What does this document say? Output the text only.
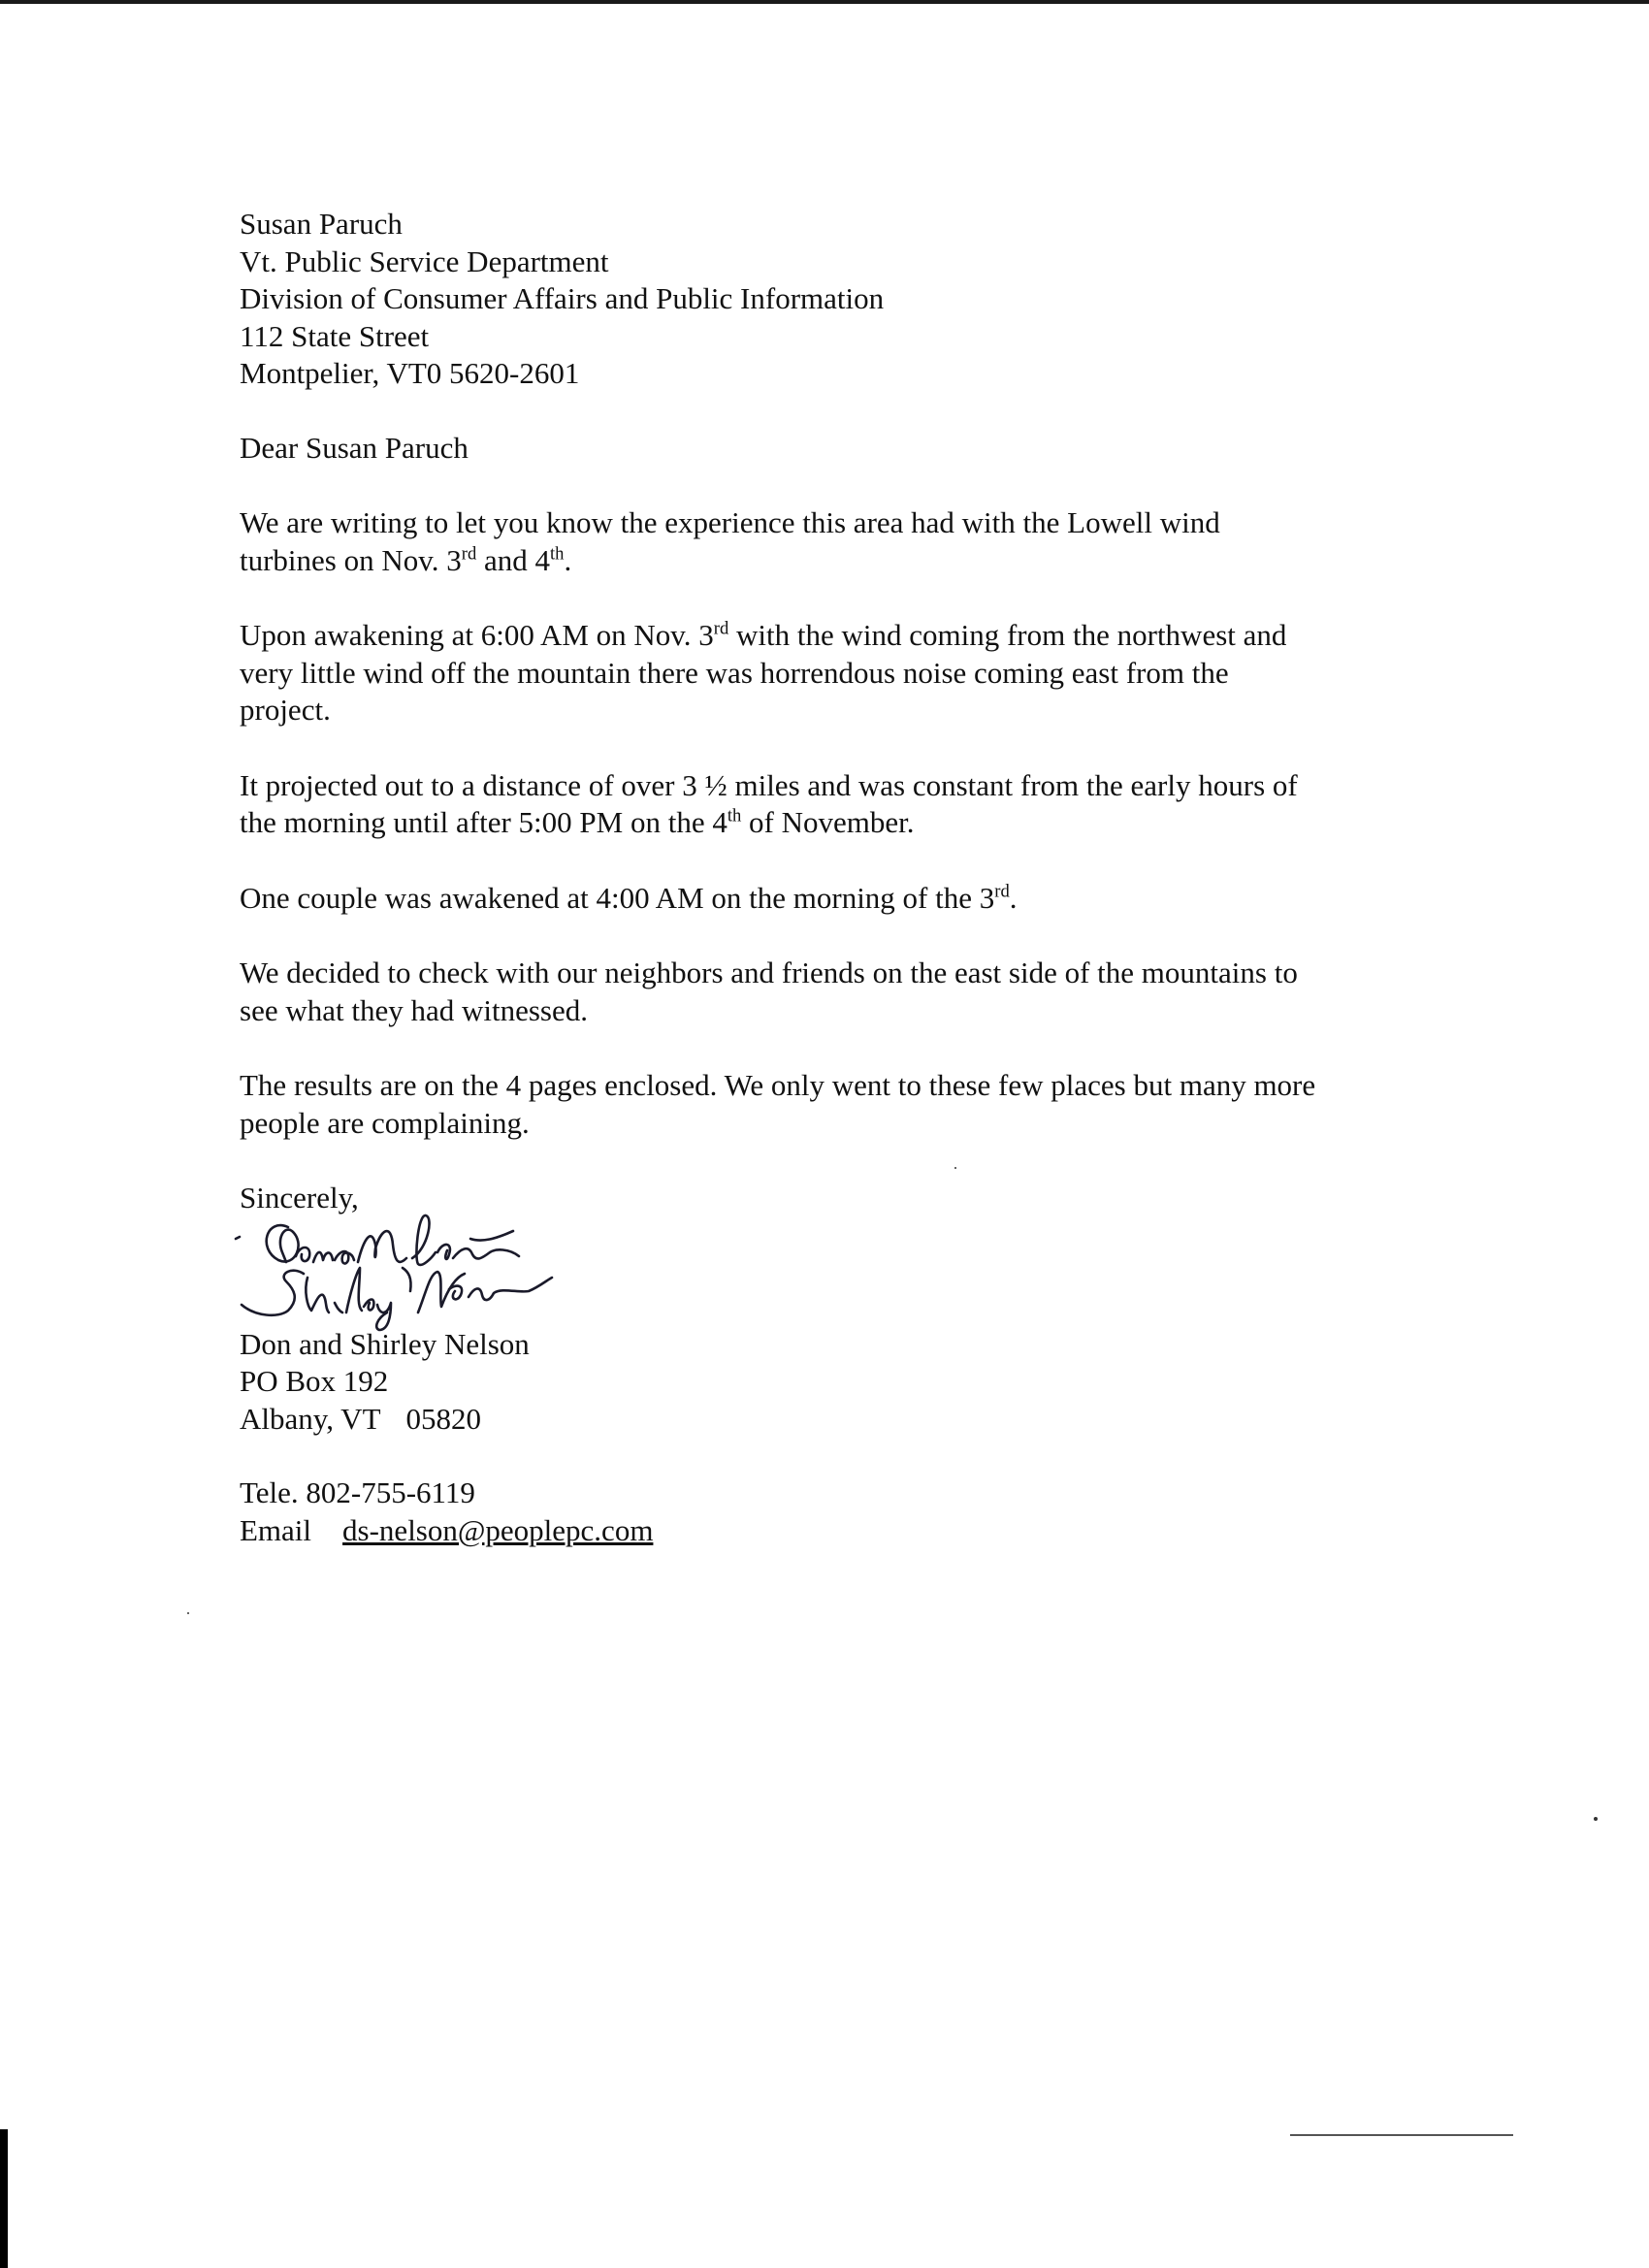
Susan Paruch
Vt. Public Service Department
Division of Consumer Affairs and Public Information
112 State Street
Montpelier, VT0 5620-2601
Dear Susan Paruch
We are writing to let you know the experience this area had with the Lowell wind
turbines on Nov. 3rd and 4th.
Upon awakening at 6:00 AM on Nov. 3rd with the wind coming from the northwest and
very little wind off the mountain there was horrendous noise coming east from the
project.
It projected out to a distance of over 3 ½ miles and was constant from the early hours of
the morning until after 5:00 PM on the 4th of November.
One couple was awakened at 4:00 AM on the morning of the 3rd.
We decided to check with our neighbors and friends on the east side of the mountains to
see what they had witnessed.
The results are on the 4 pages enclosed. We only went to these few places but many more
people are complaining.
Sincerely,
Don and Shirley Nelson
PO Box 192
Albany, VT 05820
Tele. 802-755-6119
Email ds-nelson@peoplepc.com
